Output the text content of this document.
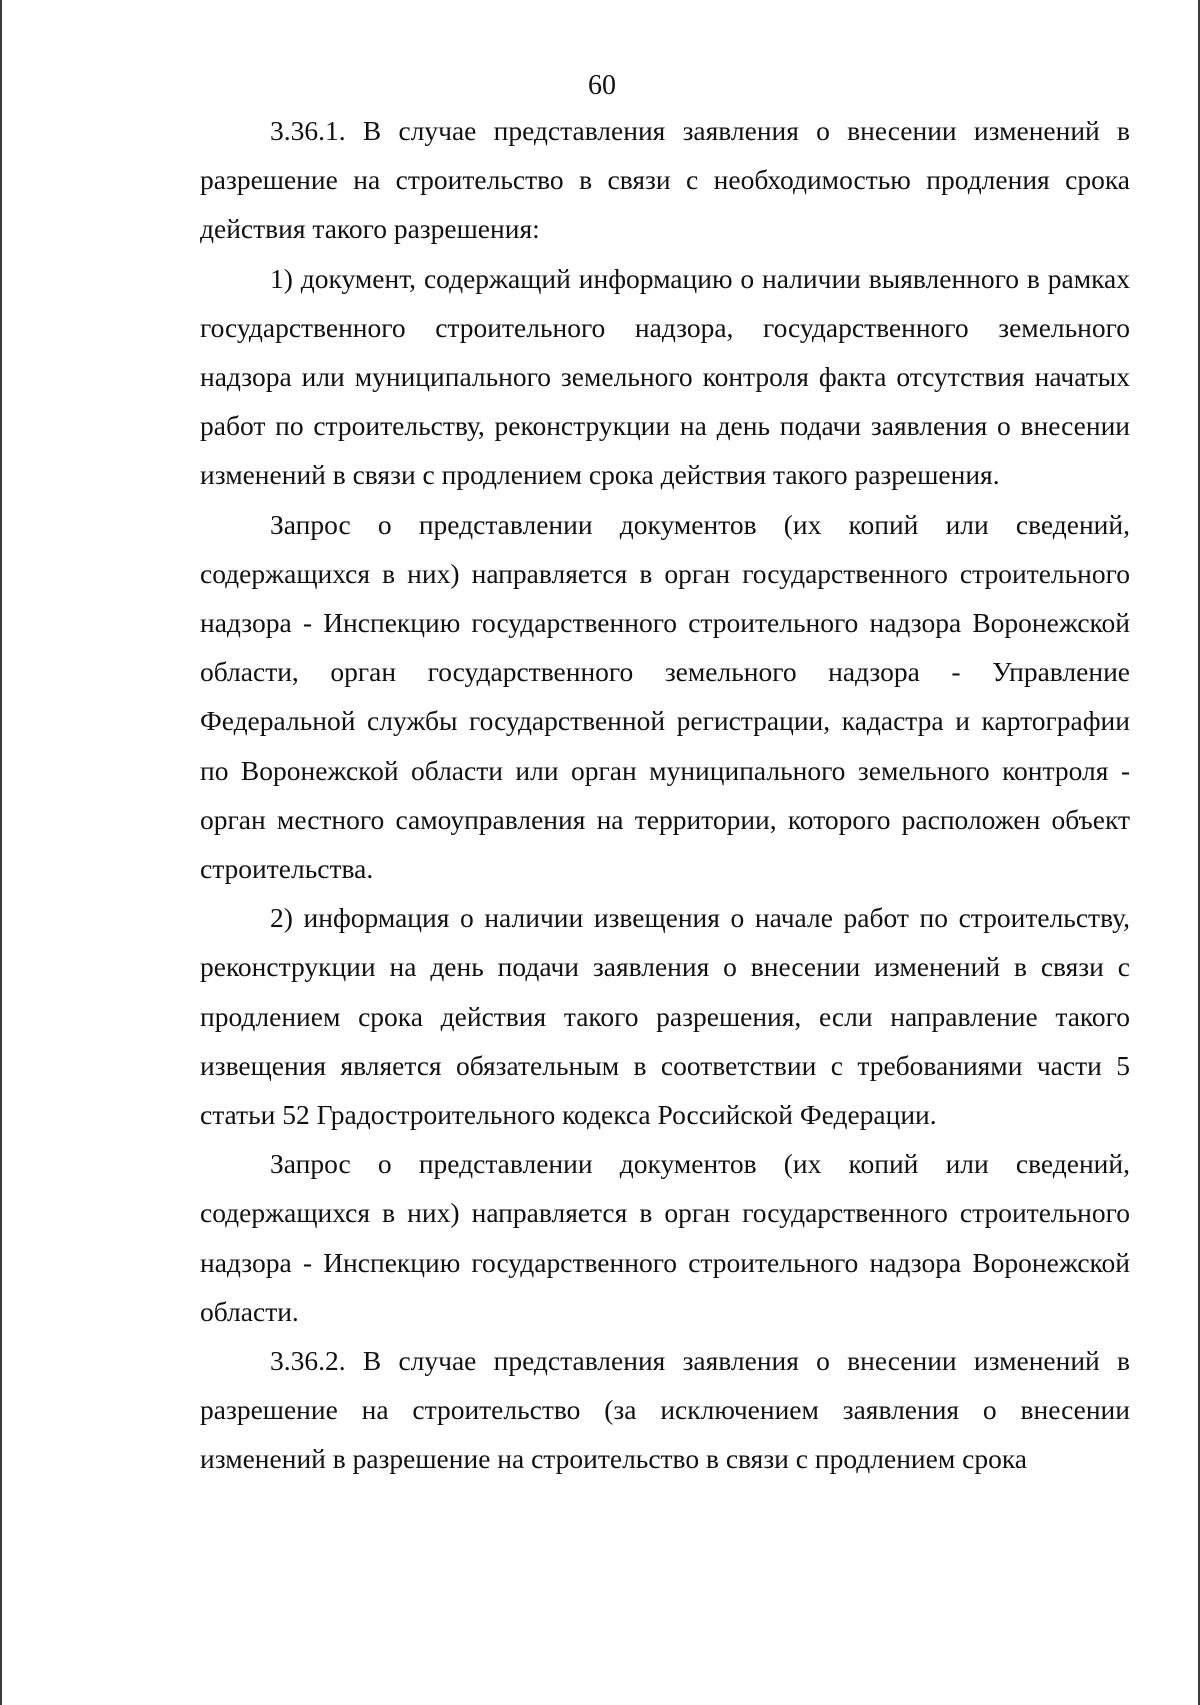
60

3.36.1. В случае представления заявления о внесении изменений в разрешение на строительство в связи с необходимостью продления срока действия такого разрешения:

1) документ, содержащий информацию о наличии выявленного в рамках государственного строительного надзора, государственного земельного надзора или муниципального земельного контроля факта отсутствия начатых работ по строительству, реконструкции на день подачи заявления о внесении изменений в связи с продлением срока действия такого разрешения.

Запрос о представлении документов (их копий или сведений, содержащихся в них) направляется в орган государственного строительного надзора - Инспекцию государственного строительного надзора Воронежской области, орган государственного земельного надзора - Управление Федеральной службы государственной регистрации, кадастра и картографии по Воронежской области или орган муниципального земельного контроля - орган местного самоуправления на территории, которого расположен объект строительства.

2) информация о наличии извещения о начале работ по строительству, реконструкции на день подачи заявления о внесении изменений в связи с продлением срока действия такого разрешения, если направление такого извещения является обязательным в соответствии с требованиями части 5 статьи 52 Градостроительного кодекса Российской Федерации.

Запрос о представлении документов (их копий или сведений, содержащихся в них) направляется в орган государственного строительного надзора - Инспекцию государственного строительного надзора Воронежской области.

3.36.2. В случае представления заявления о внесении изменений в разрешение на строительство (за исключением заявления о внесении изменений в разрешение на строительство в связи с продлением срока
